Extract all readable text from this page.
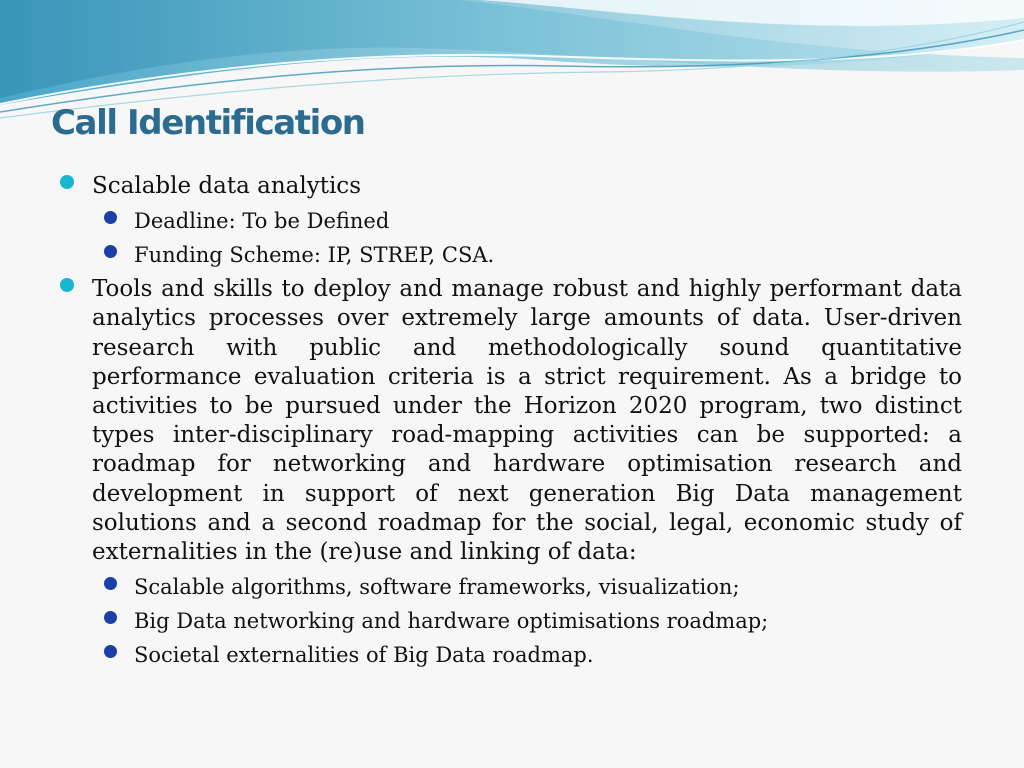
Call Identification
Scalable data analytics
Deadline: To be Defined
Funding Scheme: IP, STREP, CSA.
Tools and skills to deploy and manage robust and highly performant data analytics processes over extremely large amounts of data. User-driven research with public and methodologically sound quantitative performance evaluation criteria is a strict requirement. As a bridge to activities to be pursued under the Horizon 2020 program, two distinct types inter-disciplinary road-mapping activities can be supported: a roadmap for networking and hardware optimisation research and development in support of next generation Big Data management solutions and a second roadmap for the social, legal, economic study of externalities in the (re)use and linking of data:
Scalable algorithms, software frameworks, visualization;
Big Data networking and hardware optimisations roadmap;
Societal externalities of Big Data roadmap.
